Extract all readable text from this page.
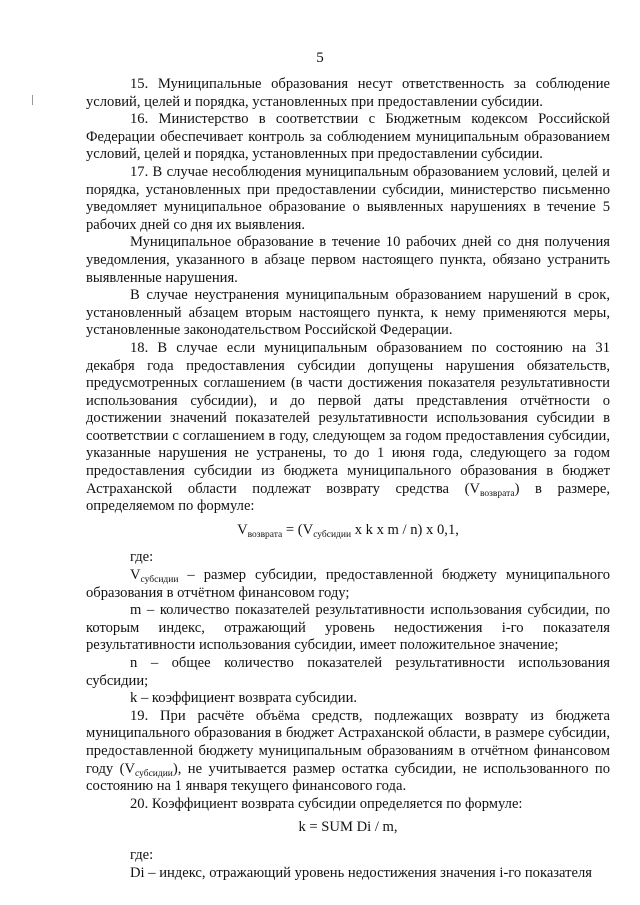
5

15. Муниципальные образования несут ответственность за соблюдение условий, целей и порядка, установленных при предоставлении субсидии.

16. Министерство в соответствии с Бюджетным кодексом Российской Федерации обеспечивает контроль за соблюдением муниципальным образованием условий, целей и порядка, установленных при предоставлении субсидии.

17. В случае несоблюдения муниципальным образованием условий, целей и порядка, установленных при предоставлении субсидии, министерство письменно уведомляет муниципальное образование о выявленных нарушениях в течение 5 рабочих дней со дня их выявления.

Муниципальное образование в течение 10 рабочих дней со дня получения уведомления, указанного в абзаце первом настоящего пункта, обязано устранить выявленные нарушения.

В случае неустранения муниципальным образованием нарушений в срок, установленный абзацем вторым настоящего пункта, к нему применяются меры, установленные законодательством Российской Федерации.

18. В случае если муниципальным образованием по состоянию на 31 декабря года предоставления субсидии допущены нарушения обязательств, предусмотренных соглашением (в части достижения показателя результативности использования субсидии), и до первой даты представления отчётности о достижении значений показателей результативности использования субсидии в соответствии с соглашением в году, следующем за годом предоставления субсидии, указанные нарушения не устранены, то до 1 июня года, следующего за годом предоставления субсидии из бюджета муниципального образования в бюджет Астраханской области подлежат возврату средства $(V_{возврата})$ в размере, определяемом по формуле:

$V_{возврата} = (V_{субсидии}$ x k x m / n) x 0,1,

где:

$V_{субсидии}$ – размер субсидии, предоставленной бюджету муниципального образования в отчётном финансовом году;

m – количество показателей результативности использования субсидии, по которым индекс, отражающий уровень недостижения i-го показателя результативности использования субсидии, имеет положительное значение;

n – общее количество показателей результативности использования субсидии;

k – коэффициент возврата субсидии.

19. При расчёте объёма средств, подлежащих возврату из бюджета муниципального образования в бюджет Астраханской области, в размере субсидии, предоставленной бюджету муниципальным образованиям в отчётном финансовом году $(V_{субсидии})$, не учитывается размер остатка субсидии, не использованного по состоянию на 1 января текущего финансового года.

20. Коэффициент возврата субсидии определяется по формуле:

k = SUM Di / m,

где:

Di – индекс, отражающий уровень недостижения значения i-го показателя
